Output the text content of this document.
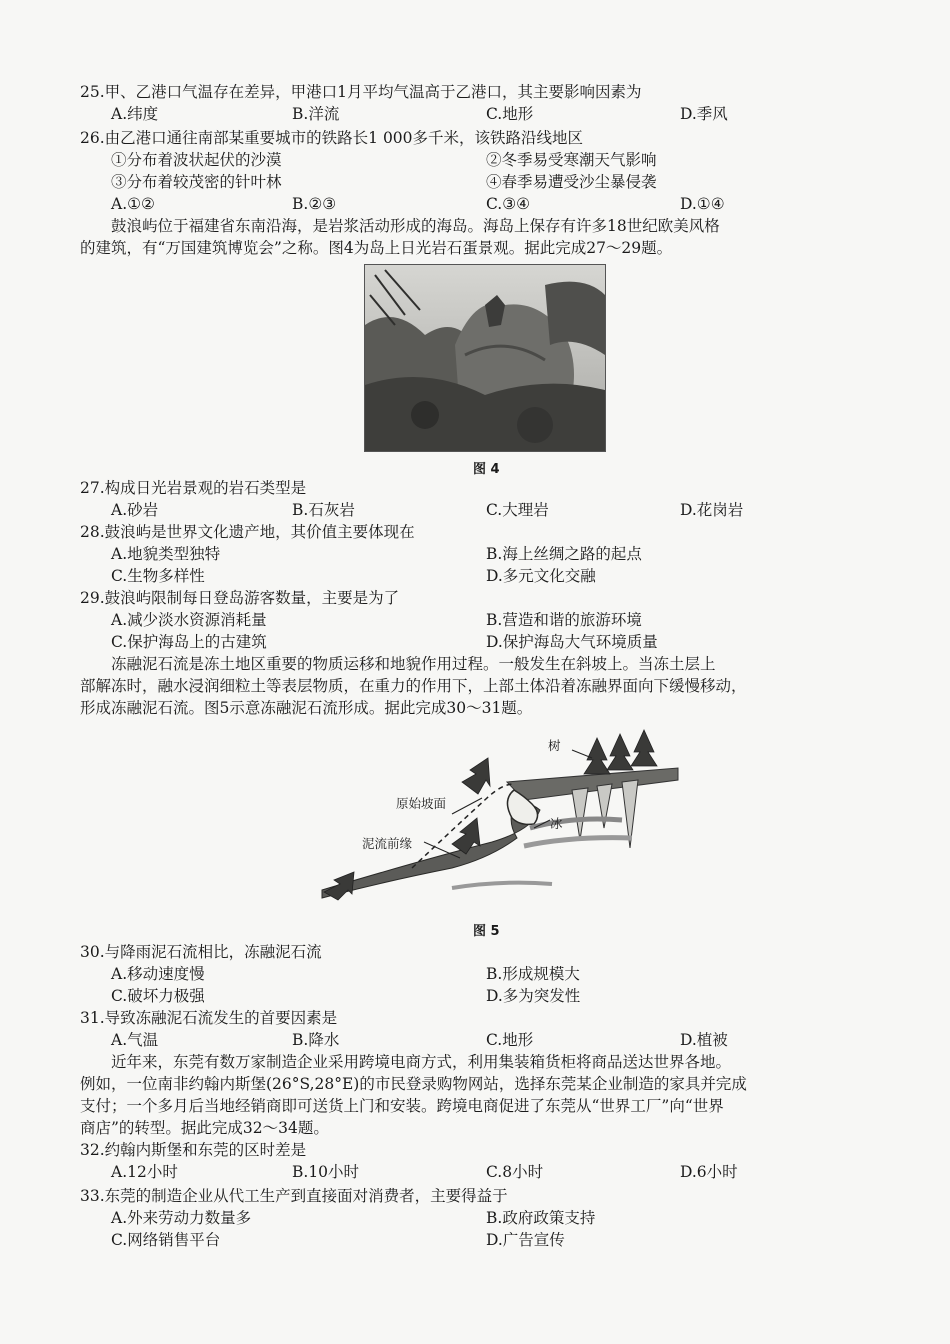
25.甲、乙港口气温存在差异，甲港口1月平均气温高于乙港口，其主要影响因素为
A.纬度	B.洋流	C.地形	D.季风
26.由乙港口通往南部某重要城市的铁路长1 000多千米，该铁路沿线地区
①分布着波状起伏的沙漠	②冬季易受寒潮天气影响
③分布着较茂密的针叶林	④春季易遭受沙尘暴侵袭
A.①②	B.②③	C.③④	D.①④
鼓浪屿位于福建省东南沿海，是岩浆活动形成的海岛。海岛上保存有许多18世纪欧美风格
的建筑，有“万国建筑博览会”之称。图4为岛上日光岩石蛋景观。据此完成27～29题。
图 4
27.构成日光岩景观的岩石类型是
A.砂岩	B.石灰岩	C.大理岩	D.花岗岩
28.鼓浪屿是世界文化遗产地，其价值主要体现在
A.地貌类型独特	B.海上丝绸之路的起点
C.生物多样性	D.多元文化交融
29.鼓浪屿限制每日登岛游客数量，主要是为了
A.减少淡水资源消耗量	B.营造和谐的旅游环境
C.保护海岛上的古建筑	D.保护海岛大气环境质量
冻融泥石流是冻土地区重要的物质运移和地貌作用过程。一般发生在斜坡上。当冻土层上
部解冻时，融水浸润细粒土等表层物质，在重力的作用下，上部土体沿着冻融界面向下缓慢移动，
形成冻融泥石流。图5示意冻融泥石流形成。据此完成30～31题。
树
原始坡面
冰
泥流前缘
图 5
30.与降雨泥石流相比，冻融泥石流
A.移动速度慢	B.形成规模大
C.破坏力极强	D.多为突发性
31.导致冻融泥石流发生的首要因素是
A.气温	B.降水	C.地形	D.植被
近年来，东莞有数万家制造企业采用跨境电商方式，利用集装箱货柜将商品送达世界各地。
例如，一位南非约翰内斯堡(26°S,28°E)的市民登录购物网站，选择东莞某企业制造的家具并完成
支付；一个多月后当地经销商即可送货上门和安装。跨境电商促进了东莞从“世界工厂”向“世界
商店”的转型。据此完成32～34题。
32.约翰内斯堡和东莞的区时差是
A.12小时	B.10小时	C.8小时	D.6小时
33.东莞的制造企业从代工生产到直接面对消费者，主要得益于
A.外来劳动力数量多	B.政府政策支持
C.网络销售平台	D.广告宣传
